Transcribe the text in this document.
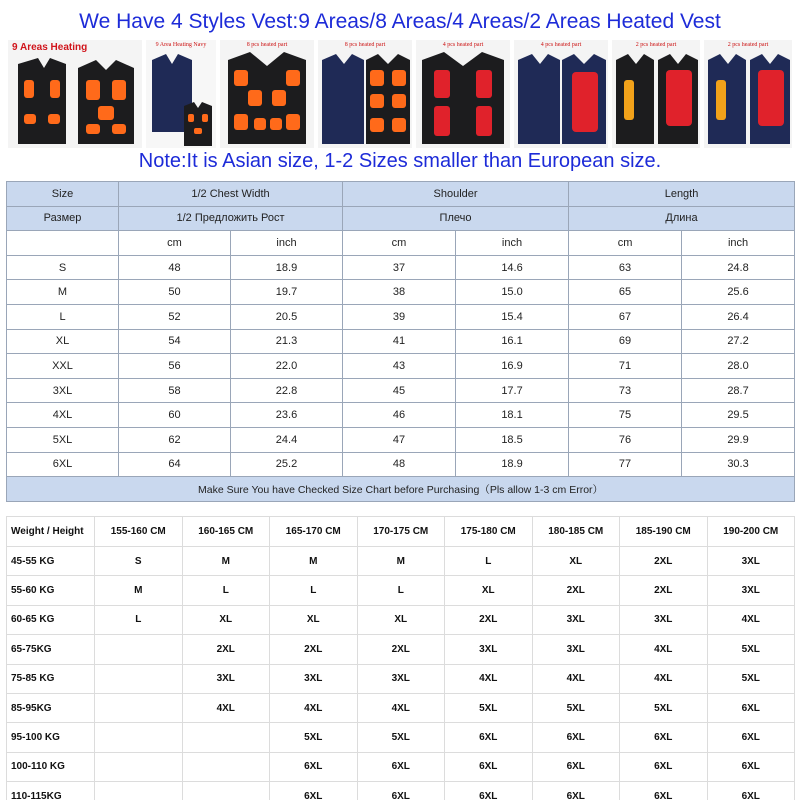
We Have 4 Styles Vest:9 Areas/8 Areas/4 Areas/2 Areas Heated Vest
9 Areas Heating	9 Area Heating Navy	8 pcs heated part	8 pcs heated part	4 pcs heated part	4 pcs heated part	2 pcs heated part	2 pcs heated part
Note:It is Asian size, 1-2 Sizes smaller than European size.
Size	1/2 Chest Width		Shoulder		Length	
Размер	1/2 Предложить Рост		Плечо		Длина	
	cm	inch	cm	inch	cm	inch
S	48	18.9	37	14.6	63	24.8
M	50	19.7	38	15.0	65	25.6
L	52	20.5	39	15.4	67	26.4
XL	54	21.3	41	16.1	69	27.2
XXL	56	22.0	43	16.9	71	28.0
3XL	58	22.8	45	17.7	73	28.7
4XL	60	23.6	46	18.1	75	29.5
5XL	62	24.4	47	18.5	76	29.9
6XL	64	25.2	48	18.9	77	30.3
Make Sure You have Checked Size Chart before Purchasing（Pls allow 1-3 cm Error）						
Weight / Height	155-160 CM	160-165 CM	165-170 CM	170-175 CM	175-180 CM	180-185 CM	185-190 CM	190-200 CM
45-55 KG	S	M	M	M	L	XL	2XL	3XL
55-60 KG	M	L	L	L	XL	2XL	2XL	3XL
60-65 KG	L	XL	XL	XL	2XL	3XL	3XL	4XL
65-75KG		2XL	2XL	2XL	3XL	3XL	4XL	5XL
75-85 KG		3XL	3XL	3XL	4XL	4XL	4XL	5XL
85-95KG		4XL	4XL	4XL	5XL	5XL	5XL	6XL
95-100 KG			5XL	5XL	6XL	6XL	6XL	6XL
100-110 KG			6XL	6XL	6XL	6XL	6XL	6XL
110-115KG			6XL	6XL	6XL	6XL	6XL	6XL
